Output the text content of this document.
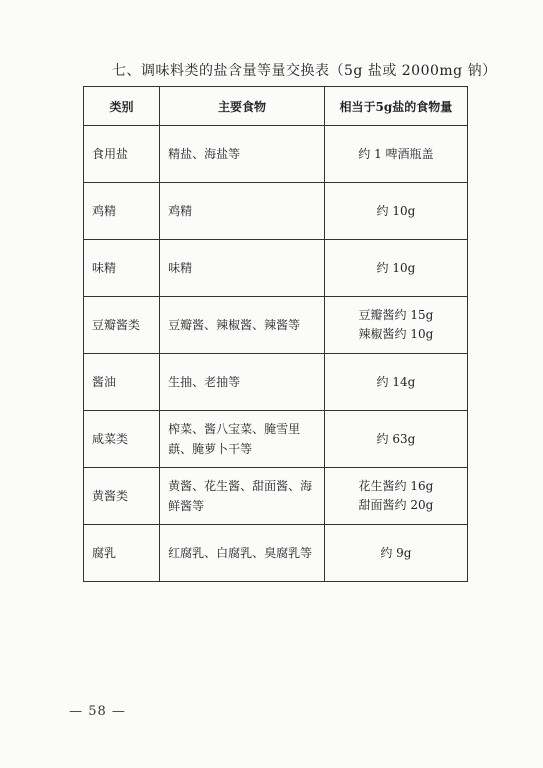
七、调味料类的盐含量等量交换表（5g 盐或 2000mg 钠）
类别	主要食物	相当于5g盐的食物量
食用盐	精盐、海盐等	约 1 啤酒瓶盖

鸡精	鸡精	约 10g

味精	味精	约 10g

豆瓣酱类	豆瓣酱、辣椒酱、辣酱等	豆瓣酱约 15g
辣椒酱约 10g

酱油	生抽、老抽等	约 14g

咸菜类	榨菜、酱八宝菜、腌雪里蕻、腌萝卜干等	约 63g

黄酱类	黄酱、花生酱、甜面酱、海鲜酱等	花生酱约 16g
甜面酱约 20g

腐乳	红腐乳、白腐乳、臭腐乳等	约 9g
— 58 —
